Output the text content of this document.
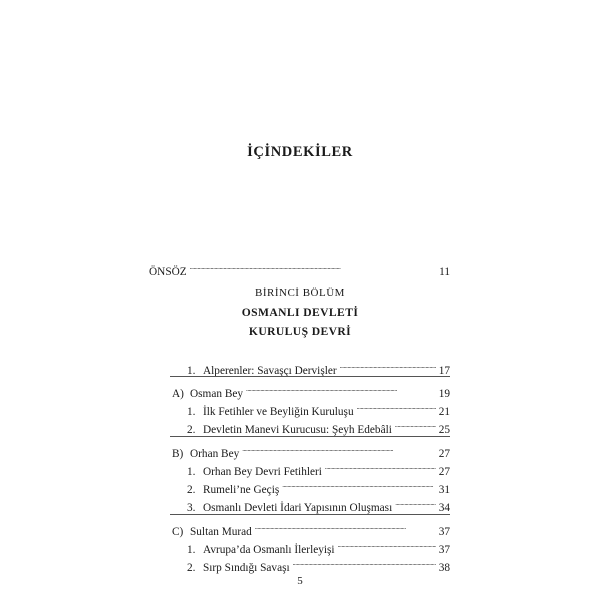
İÇİNDEKİLER
ÖNSÖZ . . .	11
BİRİNCİ BÖLÜM
OSMANLI DEVLETİ
KURULUŞ DEVRİ
1. Alperenler: Savaşçı Dervişler . . .	17
A) Osman Bey . . .	19
1. İlk Fetihler ve Beyliğin Kuruluşu . . .	21
2. Devletin Manevi Kurucusu: Şeyh Edebâli . . .	25
B) Orhan Bey . . .	27
1. Orhan Bey Devri Fetihleri . . .	27
2. Rumeli’ne Geçiş . . .	31
3. Osmanlı Devleti İdari Yapısının Oluşması . . .	34
C) Sultan Murad . . .	37
1. Avrupa’da Osmanlı İlerleyişi . . .	37
2. Sırp Sındığı Savaşı . . .	38
5
